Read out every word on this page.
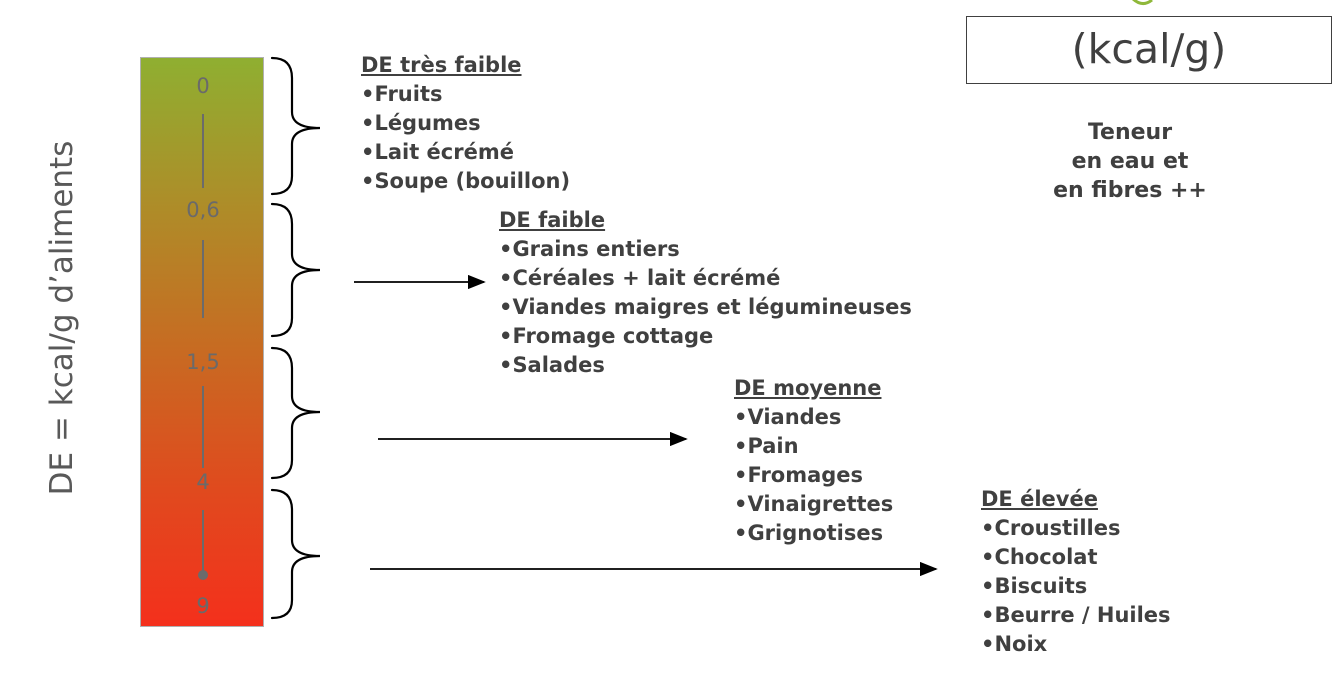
DE = kcal/g d’aliments
0
0,6
1,5
4
9
(kcal/g)
Teneur
en eau et
en fibres ++
DE très faible
• Fruits
• Légumes
• Lait écrémé
• Soupe (bouillon)
DE faible
• Grains entiers
• Céréales + lait écrémé
• Viandes maigres et légumineuses
• Fromage cottage
• Salades
DE moyenne
• Viandes
• Pain
• Fromages
• Vinaigrettes
• Grignotises
DE élevée
• Croustilles
• Chocolat
• Biscuits
• Beurre / Huiles
• Noix
